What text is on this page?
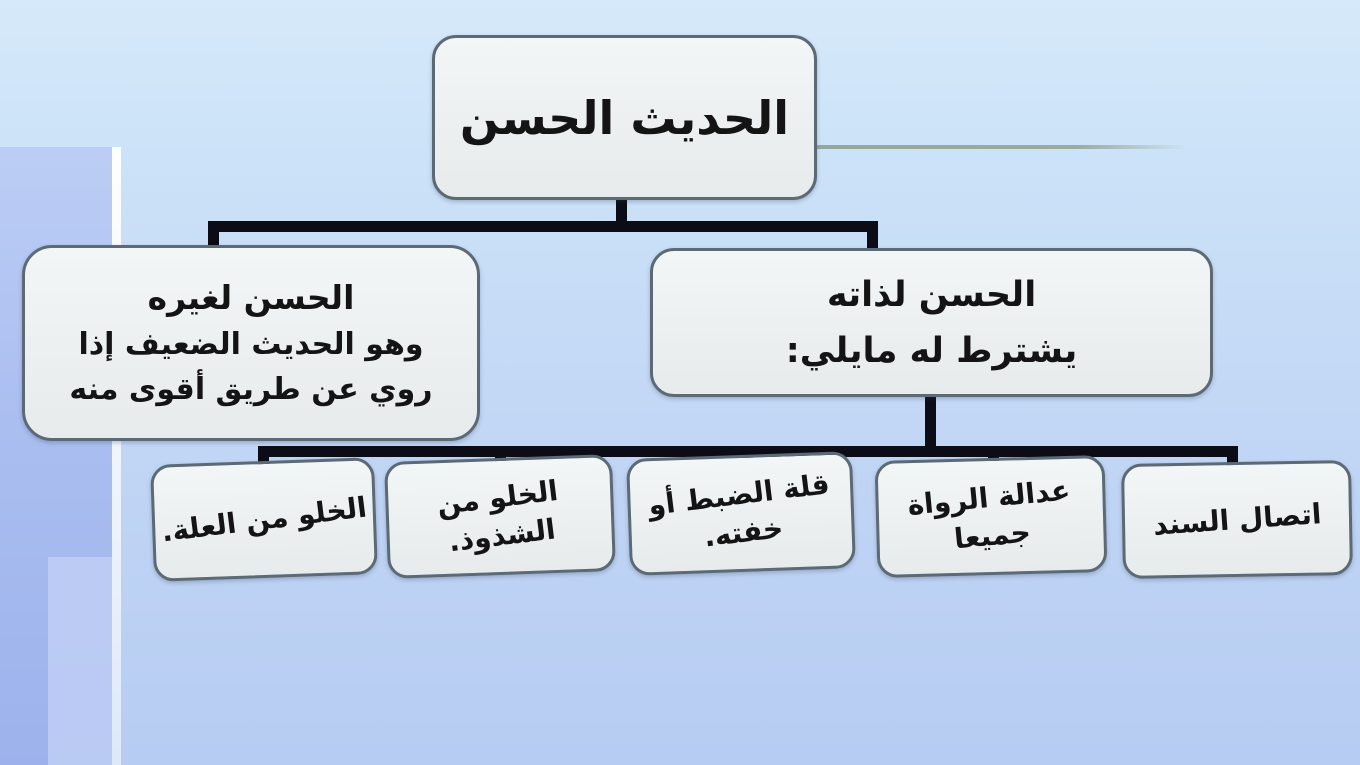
الحديث الحسن
الحسن لغيره
وهو الحديث الضعيف إذا
روي عن طريق أقوى منه
الحسن لذاته
يشترط له مايلي:
الخلو من العلة. الخلو من
الشذوذ.
قلة الضبط أو
خفته.
عدالة الرواة
جميعا	اتصال السند
